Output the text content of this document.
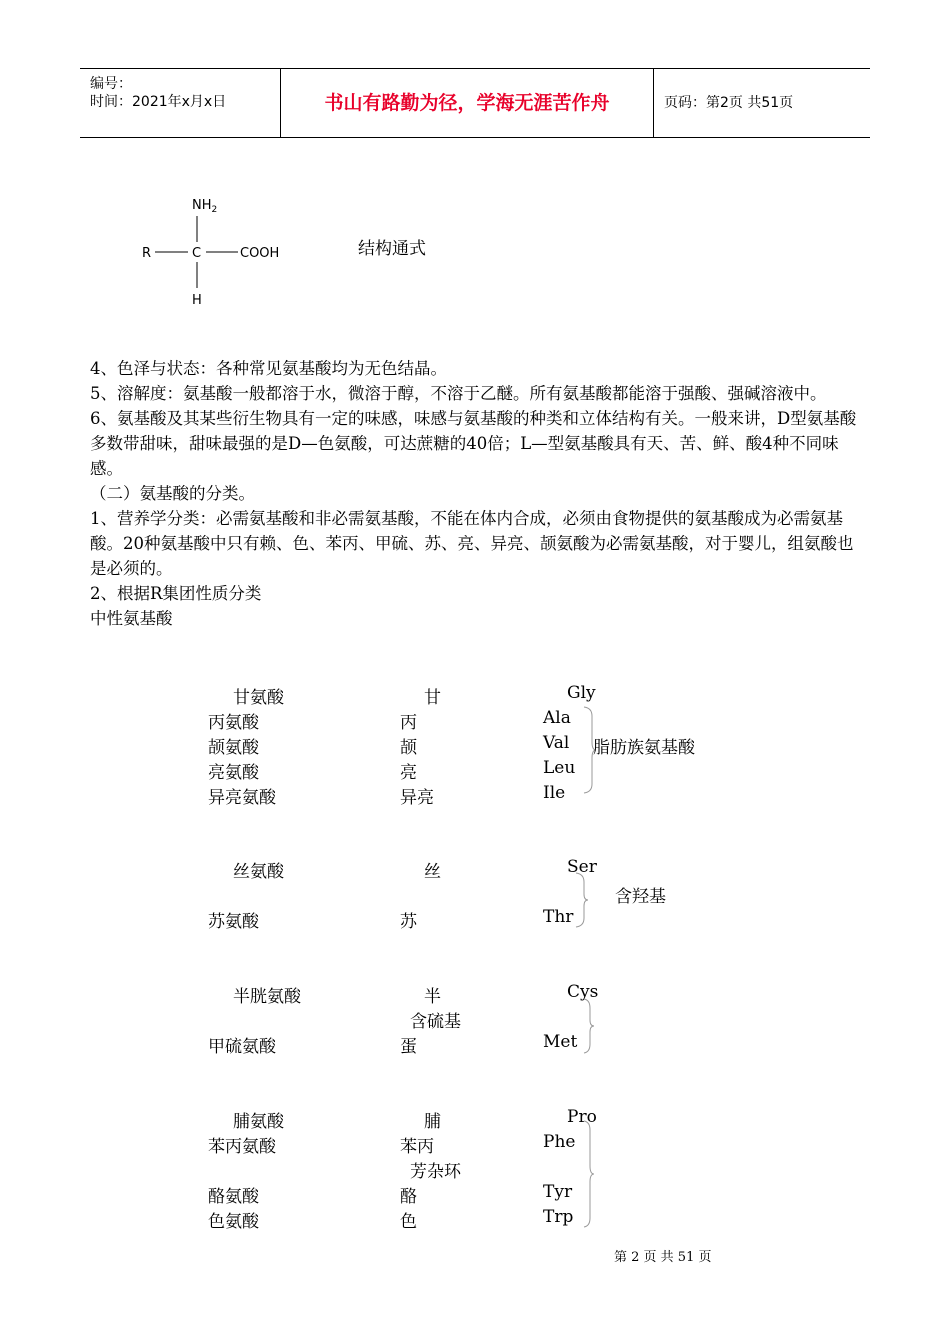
编号：
时间：2021年x月x日	书山有路勤为径，学海无涯苦作舟	页码：第2页 共51页
$NH_2$
R	C	COOH
H
结构通式

4、色泽与状态：各种常见氨基酸均为无色结晶。

5、溶解度：氨基酸一般都溶于水，微溶于醇，不溶于乙醚。所有氨基酸都能溶于强酸、强碱溶液中。

6、氨基酸及其某些衍生物具有一定的味感，味感与氨基酸的种类和立体结构有关。一般来讲，D型氨基酸多数带甜味，甜味最强的是D—色氨酸，可达蔗糖的40倍；L—型氨基酸具有天、苦、鲜、酸4种不同味感。

（二）氨基酸的分类。

1、营养学分类：必需氨基酸和非必需氨基酸，不能在体内合成，必须由食物提供的氨基酸成为必需氨基酸。20种氨基酸中只有赖、色、苯丙、甲硫、苏、亮、异亮、颉氨酸为必需氨基酸，对于婴儿，组氨酸也是必须的。

2、根据R集团性质分类

中性氨基酸

甘氨酸	甘	Gly
丙氨酸	丙	Ala
颉氨酸	颉	Val
亮氨酸	亮	Leu
异亮氨酸	异亮	Ile
脂肪族氨基酸
丝氨酸	丝	Ser
苏氨酸	苏	Thr
含羟基
半胱氨酸	半	Cys
含硫基
甲硫氨酸	蛋	Met
脯氨酸	脯	Pro
苯丙氨酸	苯丙	Phe
芳杂环
酪氨酸	酪	Tyr
色氨酸	色	Trp
第 2 页 共 51 页
